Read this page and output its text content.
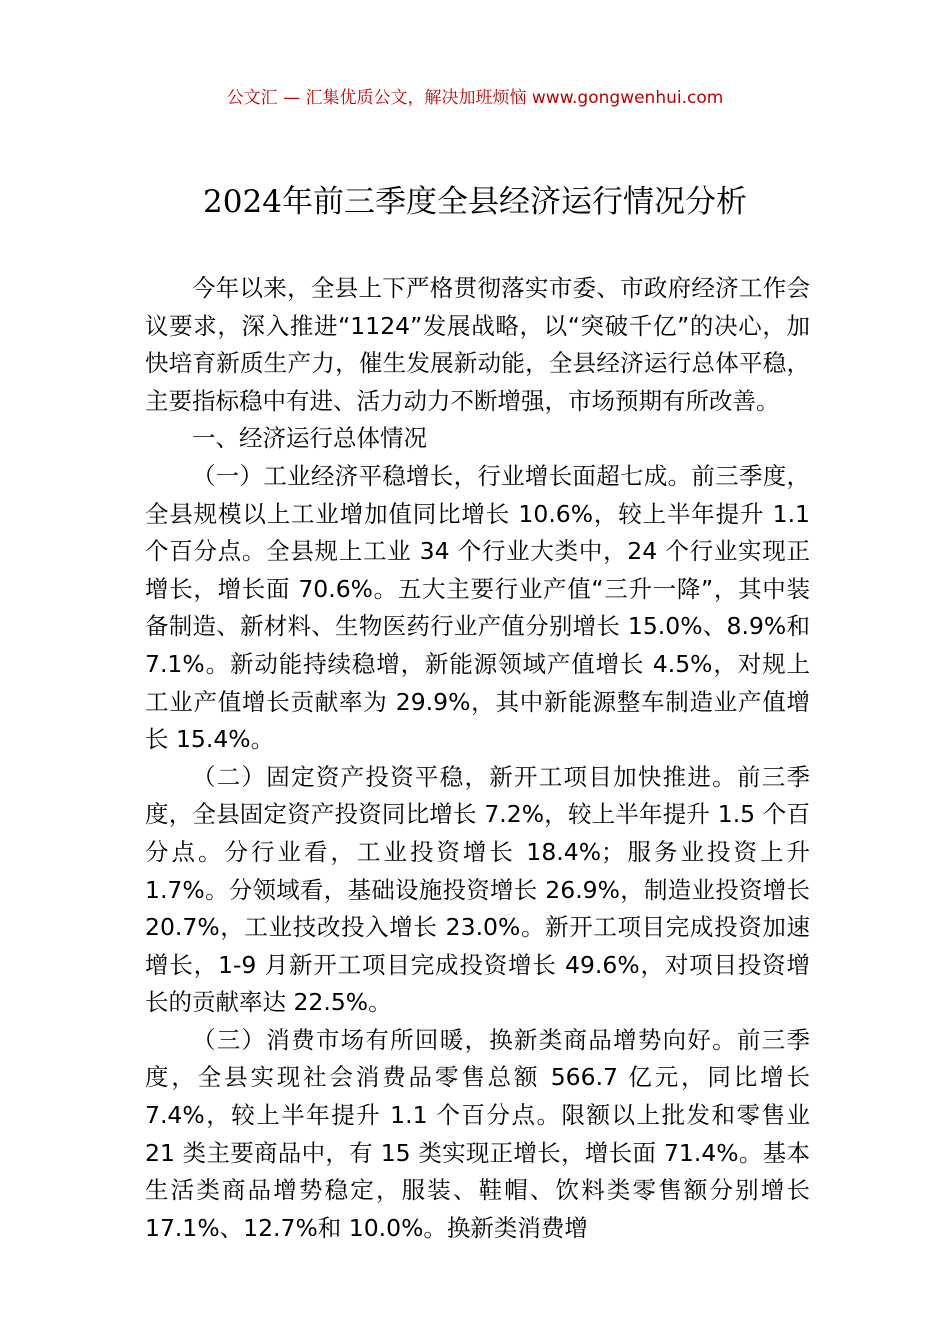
公文汇 — 汇集优质公文，解决加班烦恼 www.gongwenhui.com
2024年前三季度全县经济运行情况分析

今年以来，全县上下严格贯彻落实市委、市政府经济工作会议要求，深入推进“1124”发展战略，以“突破千亿”的决心，加快培育新质生产力，催生发展新动能，全县经济运行总体平稳，主要指标稳中有进、活力动力不断增强，市场预期有所改善。

一、经济运行总体情况

（一）工业经济平稳增长，行业增长面超七成。前三季度，全县规模以上工业增加值同比增长 10.6%，较上半年提升 1.1 个百分点。全县规上工业 34 个行业大类中，24 个行业实现正增长，增长面 70.6%。五大主要行业产值“三升一降”，其中装备制造、新材料、生物医药行业产值分别增长 15.0%、8.9%和 7.1%。新动能持续稳增，新能源领域产值增长 4.5%，对规上工业产值增长贡献率为 29.9%，其中新能源整车制造业产值增长 15.4%。

（二）固定资产投资平稳，新开工项目加快推进。前三季度，全县固定资产投资同比增长 7.2%，较上半年提升 1.5 个百分点。分行业看，工业投资增长 18.4%；服务业投资上升 1.7%。分领域看，基础设施投资增长 26.9%，制造业投资增长 20.7%，工业技改投入增长 23.0%。新开工项目完成投资加速增长，1-9 月新开工项目完成投资增长 49.6%，对项目投资增长的贡献率达 22.5%。

（三）消费市场有所回暖，换新类商品增势向好。前三季度，全县实现社会消费品零售总额 566.7 亿元，同比增长 7.4%，较上半年提升 1.1 个百分点。限额以上批发和零售业 21 类主要商品中，有 15 类实现正增长，增长面 71.4%。基本生活类商品增势稳定，服装、鞋帽、饮料类零售额分别增长 17.1%、12.7%和 10.0%。换新类消费增
